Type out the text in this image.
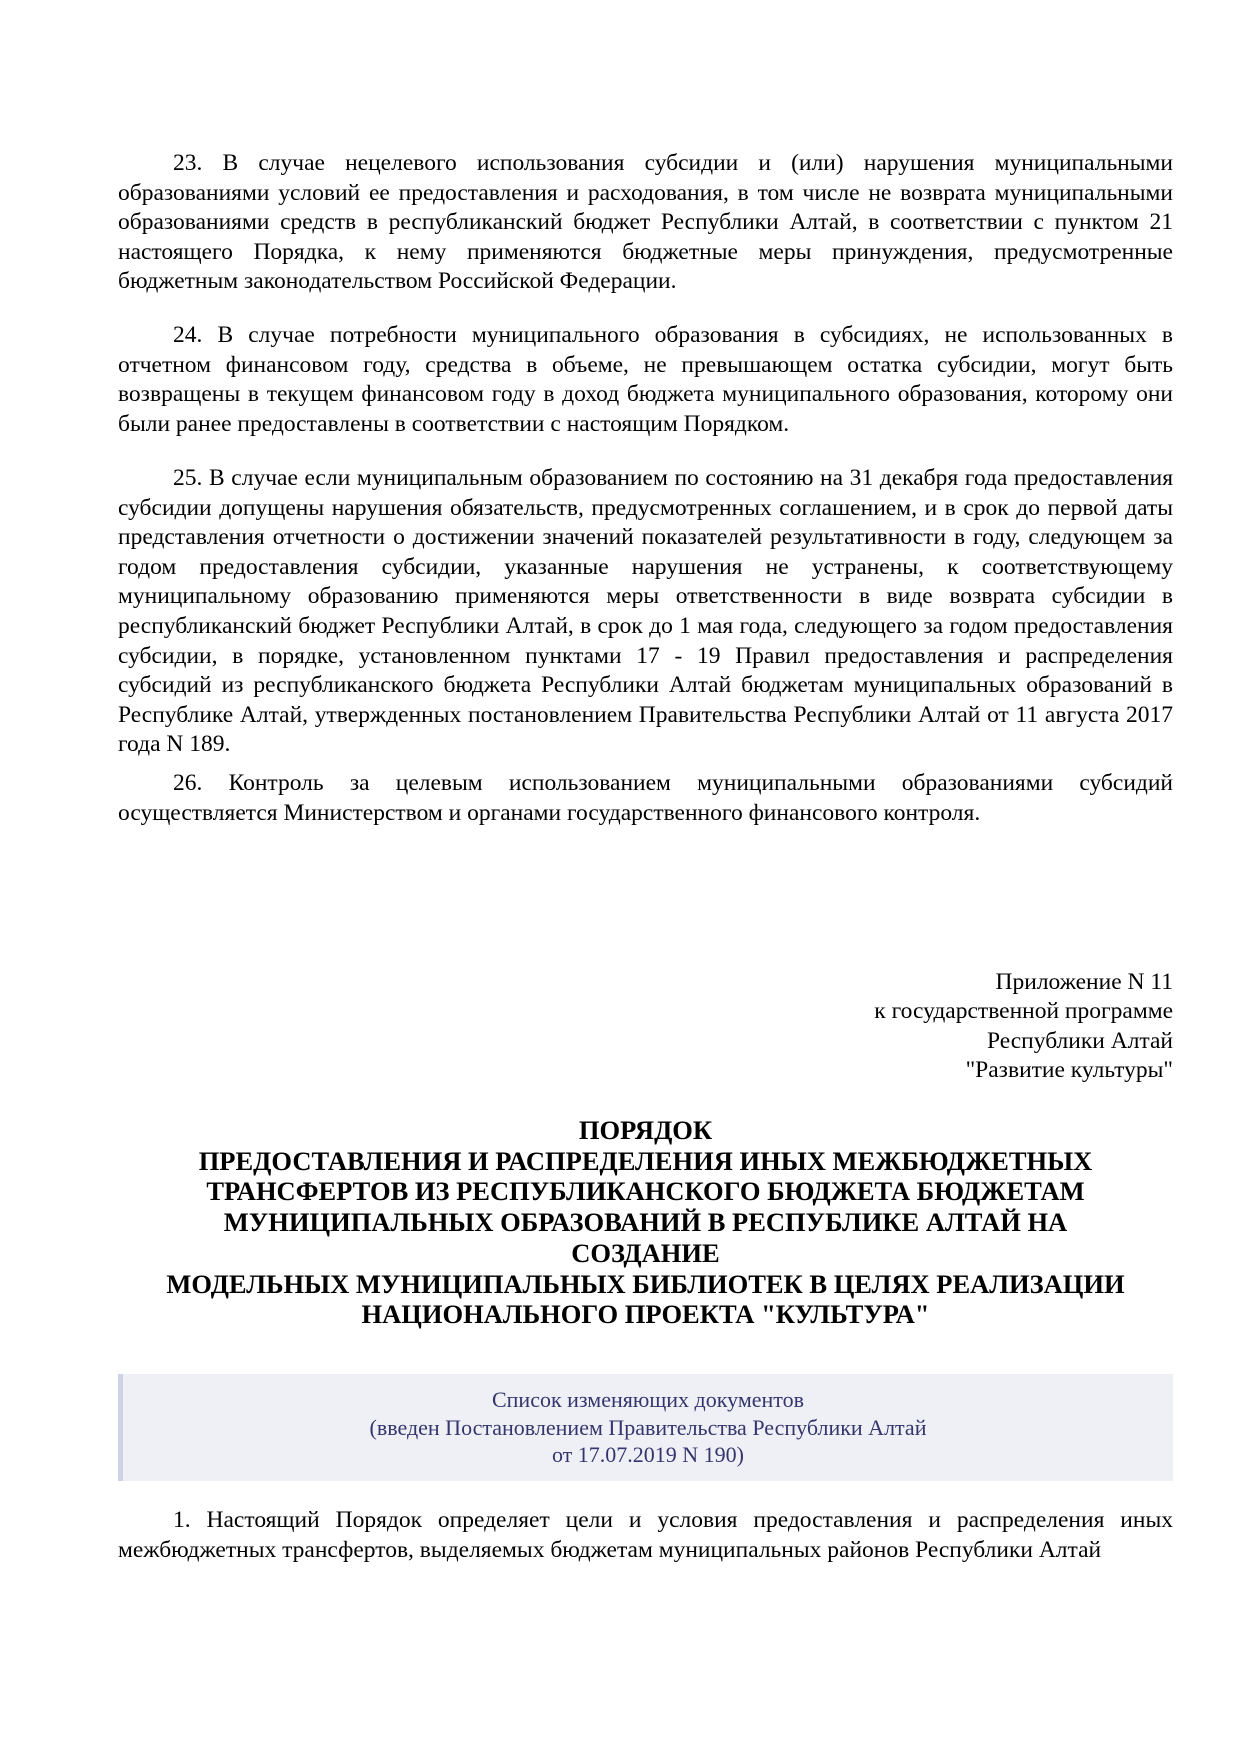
23. В случае нецелевого использования субсидии и (или) нарушения муниципальными образованиями условий ее предоставления и расходования, в том числе не возврата муниципальными образованиями средств в республиканский бюджет Республики Алтай, в соответствии с пунктом 21 настоящего Порядка, к нему применяются бюджетные меры принуждения, предусмотренные бюджетным законодательством Российской Федерации.

24. В случае потребности муниципального образования в субсидиях, не использованных в отчетном финансовом году, средства в объеме, не превышающем остатка субсидии, могут быть возвращены в текущем финансовом году в доход бюджета муниципального образования, которому они были ранее предоставлены в соответствии с настоящим Порядком.

25. В случае если муниципальным образованием по состоянию на 31 декабря года предоставления субсидии допущены нарушения обязательств, предусмотренных соглашением, и в срок до первой даты представления отчетности о достижении значений показателей результативности в году, следующем за годом предоставления субсидии, указанные нарушения не устранены, к соответствующему муниципальному образованию применяются меры ответственности в виде возврата субсидии в республиканский бюджет Республики Алтай, в срок до 1 мая года, следующего за годом предоставления субсидии, в порядке, установленном пунктами 17 - 19 Правил предоставления и распределения субсидий из республиканского бюджета Республики Алтай бюджетам муниципальных образований в Республике Алтай, утвержденных постановлением Правительства Республики Алтай от 11 августа 2017 года N 189.

26. Контроль за целевым использованием муниципальными образованиями субсидий осуществляется Министерством и органами государственного финансового контроля.

Приложение N 11
к государственной программе
Республики Алтай
"Развитие культуры"
ПОРЯДОК
ПРЕДОСТАВЛЕНИЯ И РАСПРЕДЕЛЕНИЯ ИНЫХ МЕЖБЮДЖЕТНЫХ
ТРАНСФЕРТОВ ИЗ РЕСПУБЛИКАНСКОГО БЮДЖЕТА БЮДЖЕТАМ
МУНИЦИПАЛЬНЫХ ОБРАЗОВАНИЙ В РЕСПУБЛИКЕ АЛТАЙ НА
СОЗДАНИЕ
МОДЕЛЬНЫХ МУНИЦИПАЛЬНЫХ БИБЛИОТЕК В ЦЕЛЯХ РЕАЛИЗАЦИИ
НАЦИОНАЛЬНОГО ПРОЕКТА "КУЛЬТУРА"
Список изменяющих документов
(введен Постановлением Правительства Республики Алтай
от 17.07.2019 N 190)

1. Настоящий Порядок определяет цели и условия предоставления и распределения иных межбюджетных трансфертов, выделяемых бюджетам муниципальных районов Республики Алтай
